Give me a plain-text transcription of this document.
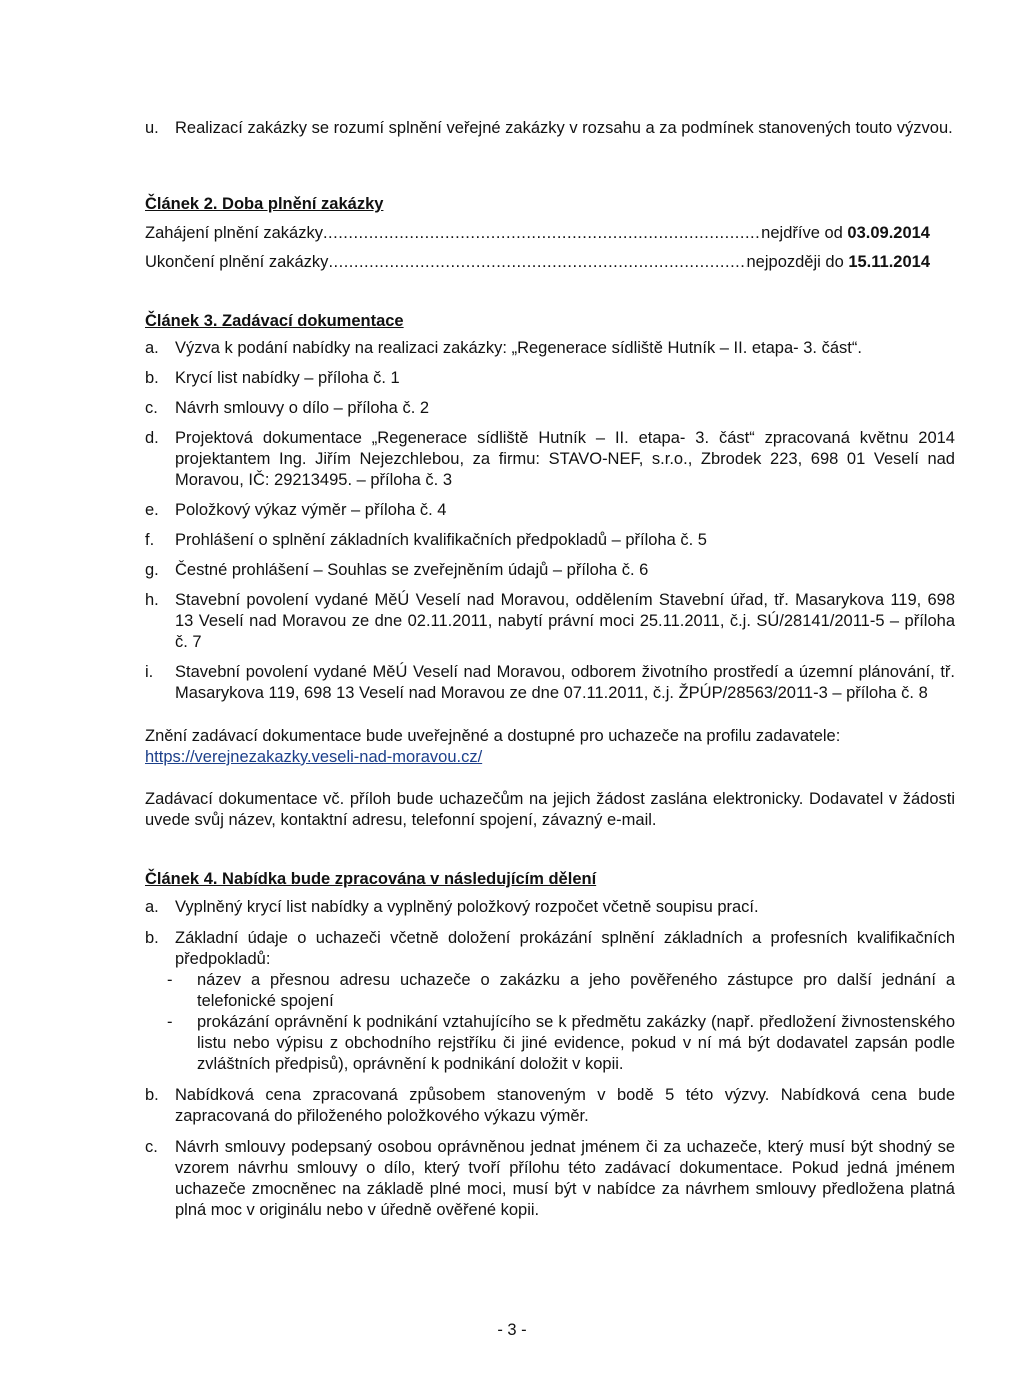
u. Realizací zakázky se rozumí splnění veřejné zakázky v rozsahu a za podmínek stanovených touto výzvou.

Článek 2. Doba plnění zakázky

Zahájení plnění zakázky .....	nejdříve od 03.09.2014
Ukončení plnění zakázky .....	nejpozději do 15.11.2014

Článek 3. Zadávací dokumentace

a. Výzva k podání nabídky na realizaci zakázky: „Regenerace sídliště Hutník – II. etapa- 3. část“.
b. Krycí list nabídky – příloha č. 1
c.	Návrh smlouvy o dílo – příloha č. 2
d. Projektová dokumentace „Regenerace sídliště Hutník – II. etapa- 3. část“ zpracovaná květnu 2014 projektantem Ing. Jiřím Nejezchlebou, za firmu: STAVO-NEF, s.r.o., Zbrodek 223, 698 01 Veselí nad Moravou, IČ: 29213495. – příloha č. 3
e. Položkový výkaz výměr – příloha č. 4
f.	Prohlášení o splnění základních kvalifikačních předpokladů – příloha č. 5
g. Čestné prohlášení – Souhlas se zveřejněním údajů – příloha č. 6
h. Stavební povolení vydané MěÚ Veselí nad Moravou, oddělením Stavební úřad, tř. Masarykova 119, 698 13 Veselí nad Moravou ze dne 02.11.2011, nabytí právní moci 25.11.2011, č.j. SÚ/28141/2011-5 – příloha č. 7
i.	Stavební povolení vydané MěÚ Veselí nad Moravou, odborem životního prostředí a územní plánování, tř. Masarykova 119, 698 13 Veselí nad Moravou ze dne 07.11.2011, č.j. ŽPÚP/28563/2011-3 – příloha č. 8
Znění zadávací dokumentace bude uveřejněné a dostupné pro uchazeče na profilu zadavatele:
https://verejnezakazky.veseli-nad-moravou.cz/
Zadávací dokumentace vč. příloh bude uchazečům na jejich žádost zaslána elektronicky. Dodavatel v žádosti uvede svůj název, kontaktní adresu, telefonní spojení, závazný e-mail.

Článek 4. Nabídka bude zpracována v následujícím dělení

a. Vyplněný krycí list nabídky a vyplněný položkový rozpočet včetně soupisu prací.
b. Základní údaje o uchazeči včetně doložení prokázání splnění základních a profesních kvalifikačních předpokladů:
-	název a přesnou adresu uchazeče o zakázku a jeho pověřeného zástupce pro další jednání a telefonické spojení
-	prokázání oprávnění k podnikání vztahujícího se k předmětu zakázky (např. předložení živnostenského listu nebo výpisu z obchodního rejstříku či jiné evidence, pokud v ní má být dodavatel zapsán podle zvláštních předpisů), oprávnění k podnikání doložit v kopii.
b. Nabídková cena zpracovaná způsobem stanoveným v bodě 5 této výzvy. Nabídková cena bude zapracovaná do přiloženého položkového výkazu výměr.
c.	Návrh smlouvy podepsaný osobou oprávněnou jednat jménem či za uchazeče, který musí být shodný se vzorem návrhu smlouvy o dílo, který tvoří přílohu této zadávací dokumentace. Pokud jedná jménem uchazeče zmocněnec na základě plné moci, musí být v nabídce za návrhem smlouvy předložena platná plná moc v originálu nebo v úředně ověřené kopii.
- 3 -
